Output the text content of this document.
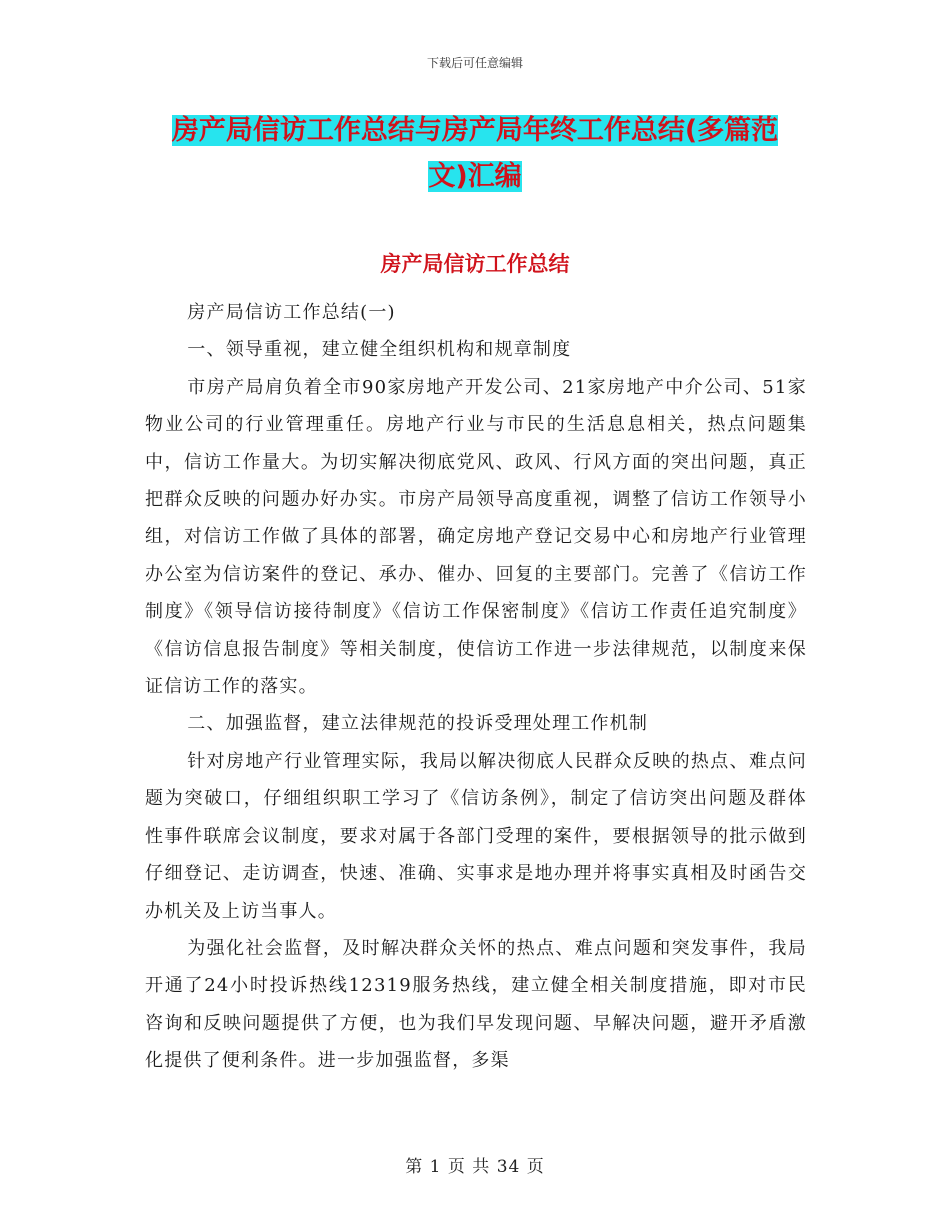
下载后可任意编辑
房产局信访工作总结与房产局年终工作总结(多篇范
文)汇编
房产局信访工作总结

房产局信访工作总结(一)

一、领导重视，建立健全组织机构和规章制度

市房产局肩负着全市90家房地产开发公司、21家房地产中介公司、51家物业公司的行业管理重任。房地产行业与市民的生活息息相关，热点问题集中，信访工作量大。为切实解决彻底党风、政风、行风方面的突出问题，真正把群众反映的问题办好办实。市房产局领导高度重视，调整了信访工作领导小组，对信访工作做了具体的部署，确定房地产登记交易中心和房地产行业管理办公室为信访案件的登记、承办、催办、回复的主要部门。完善了《信访工作制度》《领导信访接待制度》《信访工作保密制度》《信访工作责任追究制度》《信访信息报告制度》等相关制度，使信访工作进一步法律规范，以制度来保证信访工作的落实。

二、加强监督，建立法律规范的投诉受理处理工作机制

针对房地产行业管理实际，我局以解决彻底人民群众反映的热点、难点问题为突破口，仔细组织职工学习了《信访条例》，制定了信访突出问题及群体性事件联席会议制度，要求对属于各部门受理的案件，要根据领导的批示做到仔细登记、走访调查，快速、准确、实事求是地办理并将事实真相及时函告交办机关及上访当事人。

为强化社会监督，及时解决群众关怀的热点、难点问题和突发事件，我局开通了24小时投诉热线12319服务热线，建立健全相关制度措施，即对市民咨询和反映问题提供了方便，也为我们早发现问题、早解决问题，避开矛盾激化提供了便利条件。进一步加强监督，多渠

第 1 页 共 34 页
